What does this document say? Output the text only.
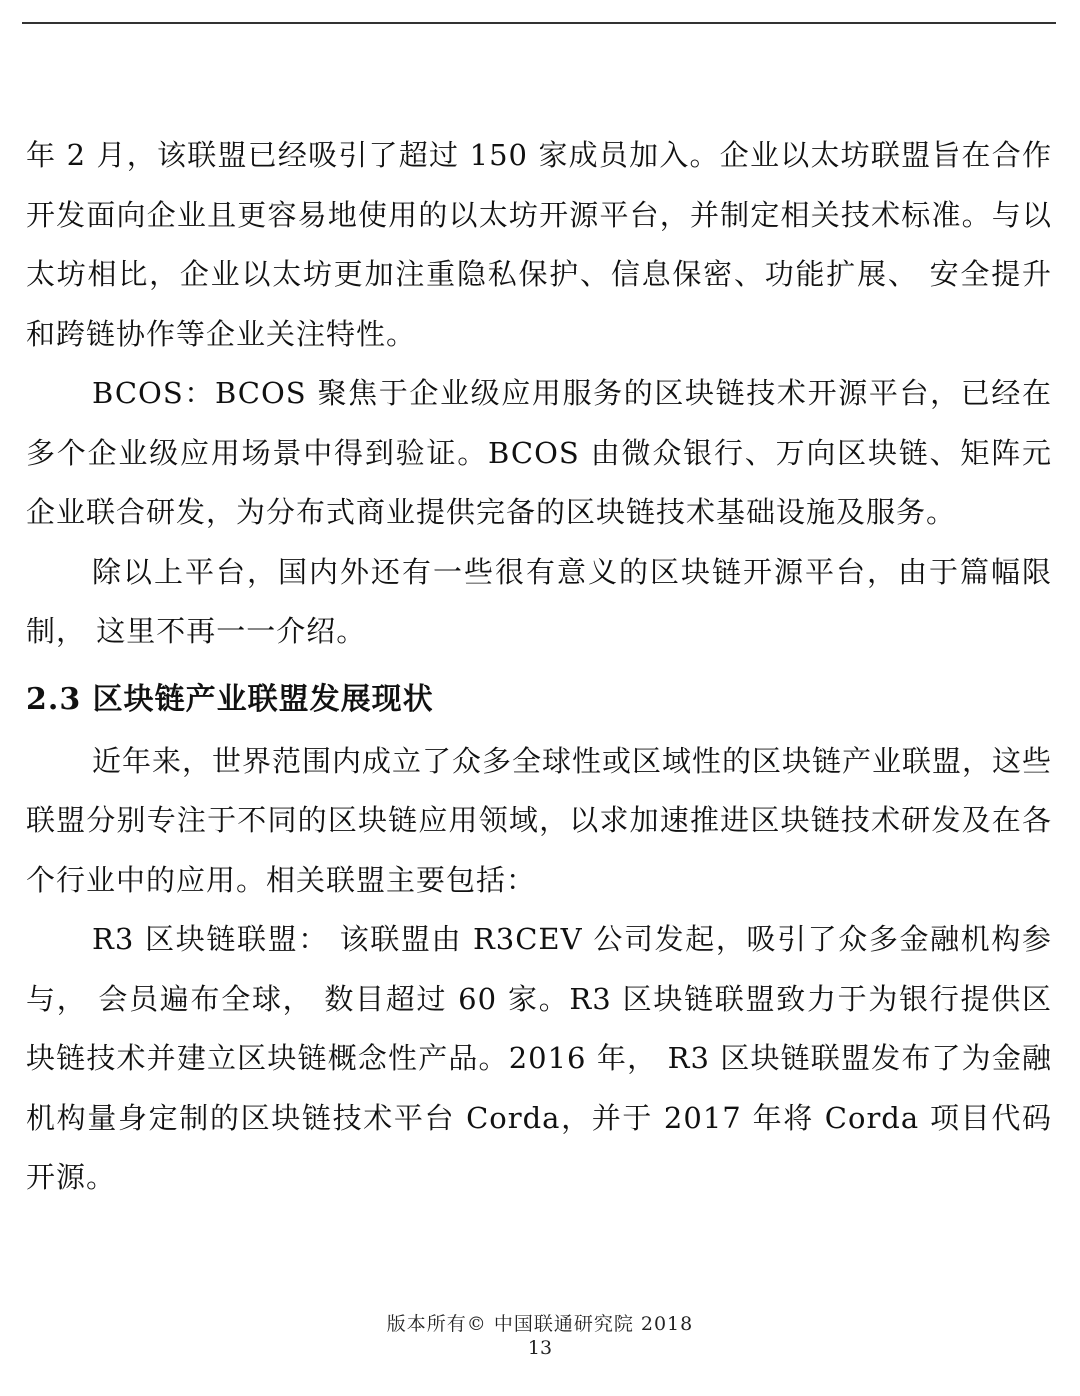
年 2 月，该联盟已经吸引了超过 150 家成员加入。企业以太坊联盟旨在合作开发面向企业且更容易地使用的以太坊开源平台，并制定相关技术标准。与以太坊相比，企业以太坊更加注重隐私保护、信息保密、功能扩展、 安全提升和跨链协作等企业关注特性。

BCOS：BCOS 聚焦于企业级应用服务的区块链技术开源平台，已经在多个企业级应用场景中得到验证。BCOS 由微众银行、万向区块链、矩阵元企业联合研发，为分布式商业提供完备的区块链技术基础设施及服务。

除以上平台，国内外还有一些很有意义的区块链开源平台，由于篇幅限制， 这里不再一一介绍。

2.3 区块链产业联盟发展现状

近年来，世界范围内成立了众多全球性或区域性的区块链产业联盟，这些联盟分别专注于不同的区块链应用领域，以求加速推进区块链技术研发及在各个行业中的应用。相关联盟主要包括：

R3 区块链联盟： 该联盟由 R3CEV 公司发起，吸引了众多金融机构参与， 会员遍布全球， 数目超过 60 家。R3 区块链联盟致力于为银行提供区块链技术并建立区块链概念性产品。2016 年， R3 区块链联盟发布了为金融机构量身定制的区块链技术平台 Corda，并于 2017 年将 Corda 项目代码开源。

版本所有© 中国联通研究院 2018
13
